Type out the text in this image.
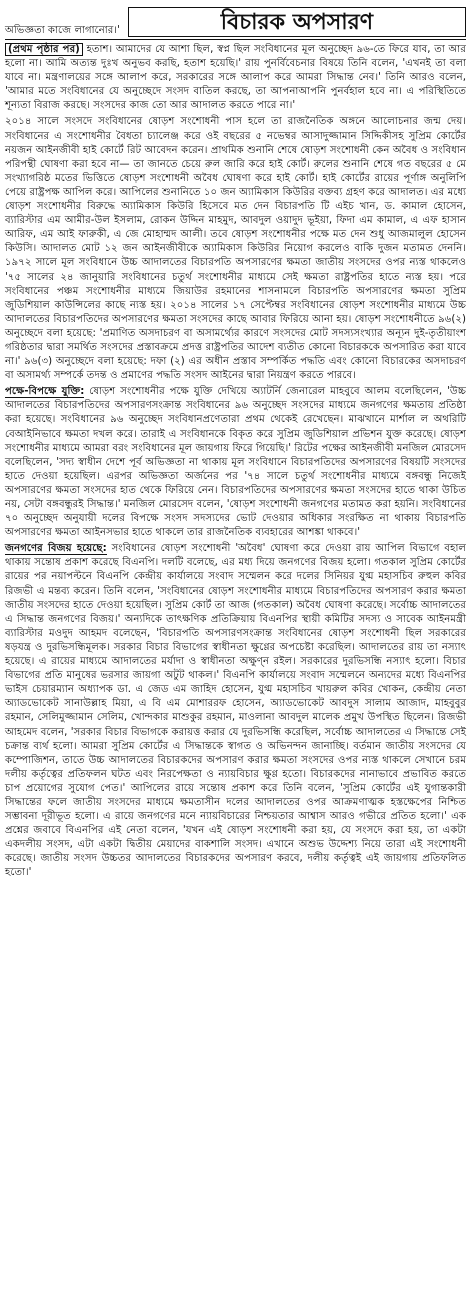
অভিজ্ঞতা কাজে লাগানোর।'	বিচারক অপসারণ

(প্রথম পৃষ্ঠার পর) হতাশ। আমাদের যে আশা ছিল, স্বপ্ন ছিল সংবিধানের মূল অনুচ্ছেদ ৯৬-তে ফিরে যাব, তা আর হলো না। আমি অত্যন্ত দুঃখ অনুভব করছি, হতাশ হয়েছি।' রায় পুনর্বিবেচনার বিষয়ে তিনি বলেন, 'এখনই তা বলা যাবে না। মন্ত্রণালয়ের সঙ্গে আলাপ করে, সরকারের সঙ্গে আলাপ করে আমরা সিদ্ধান্ত নেব।' তিনি আরও বলেন, 'আমার মতে সংবিধানের যে অনুচ্ছেদে সংসদ বাতিল করছে, তা আপনাআপনি পুনর্বহাল হবে না। এ পরিস্থিতিতে শূন্যতা বিরাজ করছে। সংসদের কাজ তো আর আদালত করতে পারে না।'

২০১৪ সালে সংসদে সংবিধানের ষোড়শ সংশোধনী পাস হলে তা রাজনৈতিক অঙ্গনে আলোচনার জন্ম দেয়। সংবিধানের এ সংশোধনীর বৈধতা চ্যালেঞ্জ করে ওই বছরের ৫ নভেম্বর আসাদুজ্জামান সিদ্দিকীসহ সুপ্রিম কোর্টের নয়জন আইনজীবী হাই কোর্টে রিট আবেদন করেন। প্রাথমিক শুনানি শেষে ষোড়শ সংশোধনী কেন অবৈধ ও সংবিধান পরিপন্থী ঘোষণা করা হবে না— তা জানতে চেয়ে রুল জারি করে হাই কোর্ট। রুলের শুনানি শেষে গত বছরের ৫ মে সংখ্যাগরিষ্ঠ মতের ভিত্তিতে ষোড়শ সংশোধনী অবৈধ ঘোষণা করে হাই কোর্ট। হাই কোর্টের রায়ের পূর্ণাঙ্গ অনুলিপি পেয়ে রাষ্ট্রপক্ষ আপিল করে। আপিলের শুনানিতে ১০ জন অ্যামিকাস কিউরির বক্তব্য গ্রহণ করে আদালত। এর মধ্যে ষোড়শ সংশোধনীর বিরুদ্ধে অ্যামিকাস কিউরি হিসেবে মত দেন বিচারপতি টি এইচ খান, ড. কামাল হোসেন, ব্যারিস্টার এম আমীর-উল ইসলাম, রোকন উদ্দিন মাহমুদ, আবদুল ওয়াদুদ ভূইয়া, ফিদা এম কামাল, এ এফ হাসান আরিফ, এম আই ফারুকী, এ জে মোহাম্মদ আলী। তবে ষোড়শ সংশোধনীর পক্ষে মত দেন শুধু আজমালুল হোসেন কিউসি। আদালত মোট ১২ জন আইনজীবীকে অ্যামিকাস কিউরির নিয়োগ করলেও বাকি দুজন মতামত দেননি। ১৯৭২ সালে মূল সংবিধানে উচ্চ আদালতের বিচারপতি অপসারণের ক্ষমতা জাতীয় সংসদের ওপর ন্যস্ত থাকলেও '৭৫ সালের ২৪ জানুয়ারি সংবিধানের চতুর্থ সংশোধনীর মাধ্যমে সেই ক্ষমতা রাষ্ট্রপতির হাতে ন্যস্ত হয়। পরে সংবিধানের পঞ্চম সংশোধনীর মাধ্যমে জিয়াউর রহমানের শাসনামলে বিচারপতি অপসারণের ক্ষমতা সুপ্রিম জুডিশিয়াল কাউন্সিলের কাছে ন্যস্ত হয়। ২০১৪ সালের ১৭ সেপ্টেম্বর সংবিধানের ষোড়শ সংশোধনীর মাধ্যমে উচ্চ আদালতের বিচারপতিদের অপসারণের ক্ষমতা সংসদের কাছে আবার ফিরিয়ে আনা হয়। ষোড়শ সংশোধনীতে ৯৬(২) অনুচ্ছেদে বলা হয়েছে: 'প্রমাণিত অসদাচরণ বা অসামর্থ্যের কারণে সংসদের মোট সদস্যসংখ্যার অন্যূন দুই-তৃতীয়াংশ গরিষ্ঠতার দ্বারা সমর্থিত সংসদের প্রস্তাবক্রমে প্রদত্ত রাষ্ট্রপতির আদেশ ব্যতীত কোনো বিচারককে অপসারিত করা যাবে না।' ৯৬(৩) অনুচ্ছেদে বলা হয়েছে: দফা (২) এর অধীন প্রস্তাব সম্পর্কিত পদ্ধতি এবং কোনো বিচারকের অসদাচরণ বা অসামর্থ্য সম্পর্কে তদন্ত ও প্রমাণের পদ্ধতি সংসদ আইনের দ্বারা নিয়ন্ত্রণ করতে পারবে।

পক্ষে-বিপক্ষে যুক্তি: ষোড়শ সংশোধনীর পক্ষে যুক্তি দেখিয়ে অ্যাটর্নি জেনারেল মাহবুবে আলম বলেছিলেন, 'উচ্চ আদালতের বিচারপতিদের অপসারণসংক্রান্ত সংবিধানের ৯৬ অনুচ্ছেদ সংসদের মাধ্যমে জনগণের ক্ষমতায় প্রতিষ্ঠা করা হয়েছে। সংবিধানের ৯৬ অনুচ্ছেদ সংবিধানপ্রণেতারা প্রথম থেকেই রেখেছেন। মাঝখানে মার্শাল ল অথরিটি বেআইনিভাবে ক্ষমতা দখল করে। তারাই এ সংবিধানকে বিকৃত করে সুপ্রিম জুডিশিয়াল প্রভিশন যুক্ত করেছে। ষোড়শ সংশোধনীর মাধ্যমে আমরা বরং সংবিধানের মূল জায়গায় ফিরে গিয়েছি।' রিটের পক্ষের আইনজীবী মনজিল মোরসেদ বলেছিলেন, 'সদ্য স্বাধীন দেশে পূর্ব অভিজ্ঞতা না থাকায় মূল সংবিধানে বিচারপতিদের অপসারণের বিষয়টি সংসদের হাতে দেওয়া হয়েছিল। এরপর অভিজ্ঞতা অর্জনের পর '৭৪ সালে চতুর্থ সংশোধনীর মাধ্যমে বঙ্গবন্ধু নিজেই অপসারণের ক্ষমতা সংসদের হাত থেকে ফিরিয়ে নেন। বিচারপতিদের অপসারণের ক্ষমতা সংসদের হাতে থাকা উচিত নয়, সেটা বঙ্গবন্ধুরই সিদ্ধান্ত।' মনজিল মোরসেদ বলেন, 'ষোড়শ সংশোধনী জনগণের মতামত করা হয়নি। সংবিধানের ৭০ অনুচ্ছেদ অনুযায়ী দলের বিপক্ষে সংসদ সদস্যদের ভোট দেওয়ার অধিকার সংরক্ষিত না থাকায় বিচারপতি অপসারণের ক্ষমতা আইনসভার হাতে থাকলে তার রাজনৈতিক ব্যবহারের আশঙ্কা থাকবে।'

জনগণের বিজয় হয়েছে: সংবিধানের ষোড়শ সংশোধনী 'অবৈধ' ঘোষণা করে দেওয়া রায় আপিল বিভাগে বহাল থাকায় সন্তোষ প্রকাশ করেছে বিএনপি। দলটি বলেছে, এর মধ্য দিয়ে জনগণের বিজয় হলো। গতকাল সুপ্রিম কোর্টের রায়ের পর নয়াপল্টনে বিএনপি কেন্দ্রীয় কার্যালয়ে সংবাদ সম্মেলন করে দলের সিনিয়র যুগ্ম মহাসচিব রুহুল কবির রিজভী এ মন্তব্য করেন। তিনি বলেন, 'সংবিধানের ষোড়শ সংশোধনীর মাধ্যমে বিচারপতিদের অপসারণ করার ক্ষমতা জাতীয় সংসদের হাতে দেওয়া হয়েছিল। সুপ্রিম কোর্ট তা আজ (গতকাল) অবৈধ ঘোষণা করেছে। সর্বোচ্চ আদালতের এ সিদ্ধান্ত জনগণের বিজয়।' অন্যদিকে তাৎক্ষণিক প্রতিক্রিয়ায় বিএনপির স্থায়ী কমিটির সদস্য ও সাবেক আইনমন্ত্রী ব্যারিস্টার মওদুদ আহমদ বলেছেন, 'বিচারপতি অপসারণসংক্রান্ত সংবিধানের ষোড়শ সংশোধনী ছিল সরকারের ষড়যন্ত্র ও দুরভিসন্ধিমূলক। সরকার বিচার বিভাগের স্বাধীনতা ক্ষুণ্ণের অপচেষ্টা করেছিল। আদালতের রায় তা নস্যাৎ হয়েছে। এ রায়ের মাধ্যমে আদালতের মর্যাদা ও স্বাধীনতা অক্ষুণ্ন রইল। সরকারের দুরভিসন্ধি নস্যাৎ হলো। বিচার বিভাগের প্রতি মানুষের ভরসার জায়গা অটুট থাকল।' বিএনপি কার্যালয়ে সংবাদ সম্মেলনে অন্যদের মধ্যে বিএনপির ভাইস চেয়ারম্যান অধ্যাপক ডা. এ জেড এম জাহিদ হোসেন, যুগ্ম মহাসচিব খায়রুল কবির খোকন, কেন্দ্রীয় নেতা অ্যাডভোকেট সানাউল্লাহ মিয়া, এ বি এম মোশাররফ হোসেন, অ্যাডভোকেট আবদুস সালাম আজাদ, মাহবুবুর রহমান, সেলিমুজ্জামান সেলিম, খোন্দকার মাশুকুর রহমান, মাওলানা আবদুল মালেক প্রমুখ উপস্থিত ছিলেন। রিজভী আহমেদ বলেন, 'সরকার বিচার বিভাগকে করায়ত্ত করার যে দুরভিসন্ধি করেছিল, সর্বোচ্চ আদালতের এ সিদ্ধান্তে সেই চক্রান্ত ব্যর্থ হলো। আমরা সুপ্রিম কোর্টের এ সিদ্ধান্তকে স্বাগত ও অভিনন্দন জানাচ্ছি। বর্তমান জাতীয় সংসদের যে কম্পোজিশন, তাতে উচ্চ আদালতের বিচারকদের অপসারণ করার ক্ষমতা সংসদের ওপর ন্যস্ত থাকলে সেখানে চরম দলীয় কর্তৃত্বের প্রতিফলন ঘটত এবং নিরপেক্ষতা ও ন্যায়বিচার ক্ষুণ্ণ হতো। বিচারকদের নানাভাবে প্রভাবিত করতে চাপ প্রয়োগের সুযোগ পেত।' আপিলের রায়ে সন্তোষ প্রকাশ করে তিনি বলেন, 'সুপ্রিম কোর্টের এই যুগান্তকারী সিদ্ধান্তের ফলে জাতীয় সংসদের মাধ্যমে ক্ষমতাসীন দলের আদালতের ওপর আক্রমণাত্মক হস্তক্ষেপের নিশ্চিত সম্ভাবনা দূরীভূত হলো। এ রায়ে জনগণের মনে ন্যায়বিচারের নিশ্চয়তার আশ্বাস আরও গভীরে প্রতিত হলো।' এক প্রশ্নের জবাবে বিএনপির এই নেতা বলেন, 'যখন এই ষোড়শ সংশোধনী করা হয়, যে সংসদে করা হয়, তা একটা একদলীয় সংসদ, এটা একটা দ্বিতীয় মেয়াদের বাকশালি সংসদ। এখানে অশুভ উদ্দেশ্য নিয়ে তারা এই সংশোধনী করেছে। জাতীয় সংসদ উচ্চতর আদালতের বিচারকদের অপসারণ করবে, দলীয় কর্তৃত্বই এই জায়গায় প্রতিফলিত হতো।'
